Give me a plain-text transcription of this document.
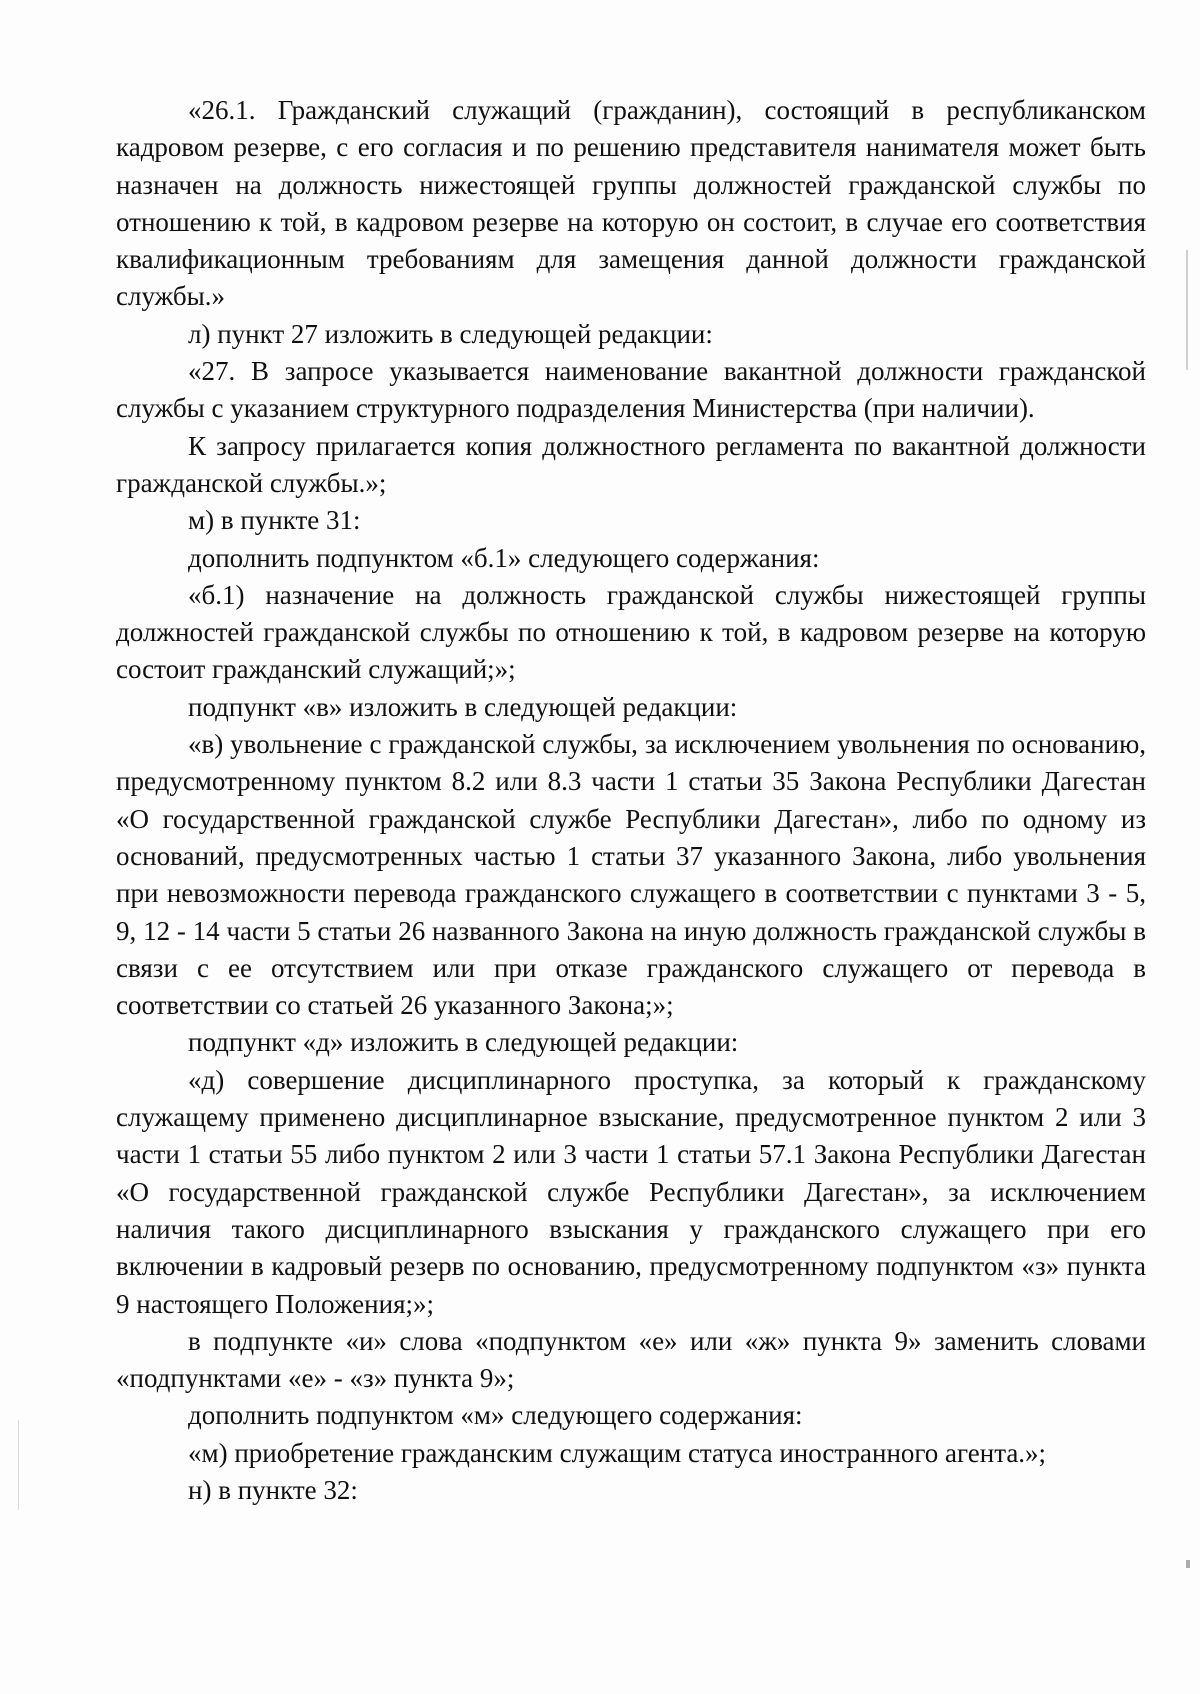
«26.1. Гражданский служащий (гражданин), состоящий в республиканском кадровом резерве, с его согласия и по решению представителя нанимателя может быть назначен на должность нижестоящей группы должностей гражданской службы по отношению к той, в кадровом резерве на которую он состоит, в случае его соответствия квалификационным требованиям для замещения данной должности гражданской службы.»

л) пункт 27 изложить в следующей редакции:

«27. В запросе указывается наименование вакантной должности гражданской службы с указанием структурного подразделения Министерства (при наличии).

К запросу прилагается копия должностного регламента по вакантной должности гражданской службы.»;

м) в пункте 31:

дополнить подпунктом «б.1» следующего содержания:

«б.1) назначение на должность гражданской службы нижестоящей группы должностей гражданской службы по отношению к той, в кадровом резерве на которую состоит гражданский служащий;»;

подпункт «в» изложить в следующей редакции:

«в) увольнение с гражданской службы, за исключением увольнения по основанию, предусмотренному пунктом 8.2 или 8.3 части 1 статьи 35 Закона Республики Дагестан «О государственной гражданской службе Республики Дагестан», либо по одному из оснований, предусмотренных частью 1 статьи 37 указанного Закона, либо увольнения при невозможности перевода гражданского служащего в соответствии с пунктами 3 - 5, 9, 12 - 14 части 5 статьи 26 названного Закона на иную должность гражданской службы в связи с ее отсутствием или при отказе гражданского служащего от перевода в соответствии со статьей 26 указанного Закона;»;

подпункт «д» изложить в следующей редакции:

«д) совершение дисциплинарного проступка, за который к гражданскому служащему применено дисциплинарное взыскание, предусмотренное пунктом 2 или 3 части 1 статьи 55 либо пунктом 2 или 3 части 1 статьи 57.1 Закона Республики Дагестан «О государственной гражданской службе Республики Дагестан», за исключением наличия такого дисциплинарного взыскания у гражданского служащего при его включении в кадровый резерв по основанию, предусмотренному подпунктом «з» пункта 9 настоящего Положения;»;

в подпункте «и» слова «подпунктом «е» или «ж» пункта 9» заменить словами «подпунктами «е» - «з» пункта 9»;

дополнить подпунктом «м» следующего содержания:

«м) приобретение гражданским служащим статуса иностранного агента.»;

н) в пункте 32:
